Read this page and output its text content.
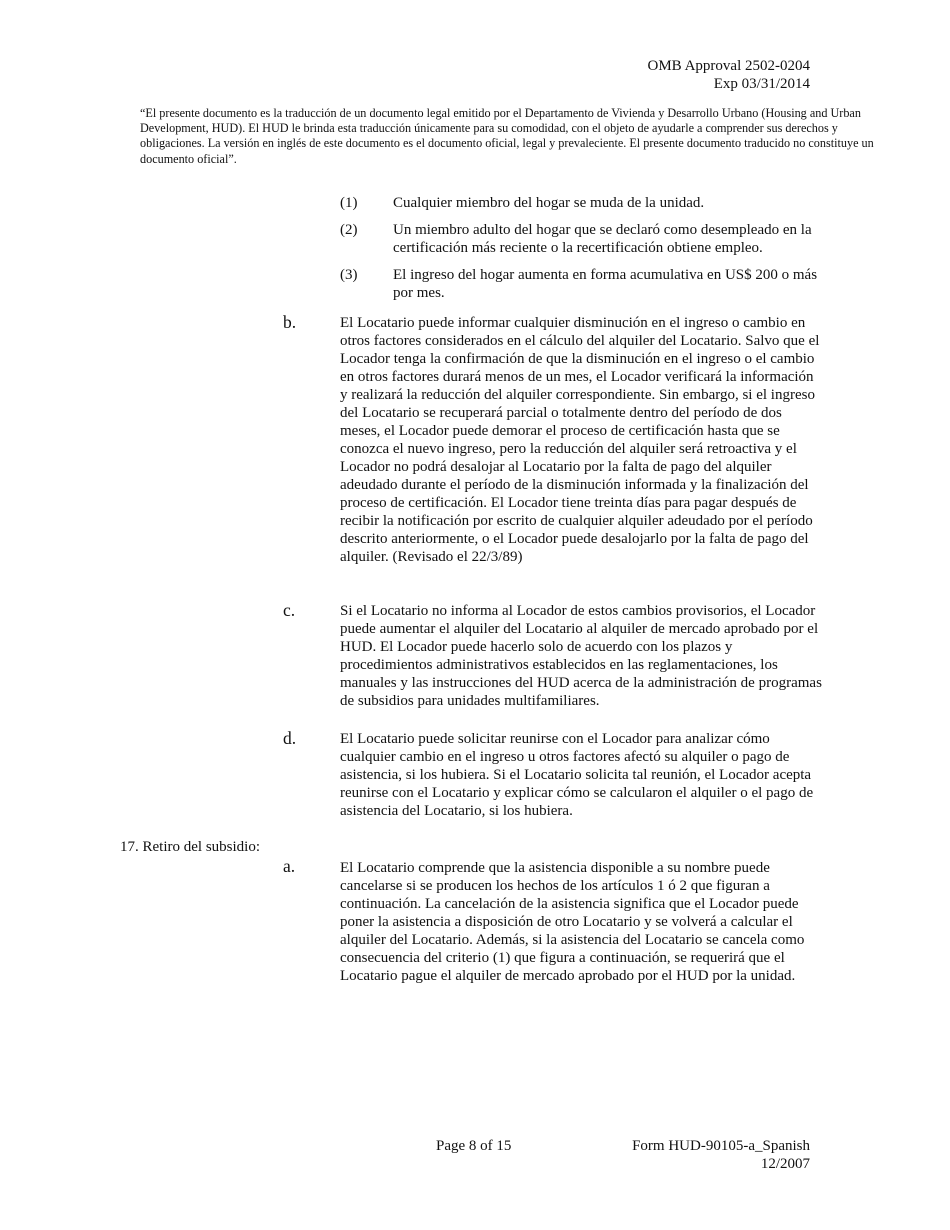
OMB Approval 2502-0204
Exp 03/31/2014
“El presente documento es la traducción de un documento legal emitido por el Departamento de Vivienda y Desarrollo Urbano (Housing and Urban Development, HUD). El HUD le brinda esta traducción únicamente para su comodidad, con el objeto de ayudarle a comprender sus derechos y obligaciones. La versión en inglés de este documento es el documento oficial, legal y prevaleciente. El presente documento traducido no constituye un documento oficial”.
(1) Cualquier miembro del hogar se muda de la unidad.
(2) Un miembro adulto del hogar que se declaró como desempleado en la certificación más reciente o la recertificación obtiene empleo.
(3) El ingreso del hogar aumenta en forma acumulativa en US$ 200 o más por mes.
b.	El Locatario puede informar cualquier disminución en el ingreso o cambio en otros factores considerados en el cálculo del alquiler del Locatario. Salvo que el Locador tenga la confirmación de que la disminución en el ingreso o el cambio en otros factores durará menos de un mes, el Locador verificará la información y realizará la reducción del alquiler correspondiente. Sin embargo, si el ingreso del Locatario se recuperará parcial o totalmente dentro del período de dos meses, el Locador puede demorar el proceso de certificación hasta que se conozca el nuevo ingreso, pero la reducción del alquiler será retroactiva y el Locador no podrá desalojar al Locatario por la falta de pago del alquiler adeudado durante el período de la disminución informada y la finalización del proceso de certificación. El Locador tiene treinta días para pagar después de recibir la notificación por escrito de cualquier alquiler adeudado por el período descrito anteriormente, o el Locador puede desalojarlo por la falta de pago del alquiler. (Revisado el 22/3/89)
c.	Si el Locatario no informa al Locador de estos cambios provisorios, el Locador puede aumentar el alquiler del Locatario al alquiler de mercado aprobado por el HUD. El Locador puede hacerlo solo de acuerdo con los plazos y procedimientos administrativos establecidos en las reglamentaciones, los manuales y las instrucciones del HUD acerca de la administración de programas de subsidios para unidades multifamiliares.
d.	El Locatario puede solicitar reunirse con el Locador para analizar cómo cualquier cambio en el ingreso u otros factores afectó su alquiler o pago de asistencia, si los hubiera. Si el Locatario solicita tal reunión, el Locador acepta reunirse con el Locatario y explicar cómo se calcularon el alquiler o el pago de asistencia del Locatario, si los hubiera.
17. Retiro del subsidio:
a.	El Locatario comprende que la asistencia disponible a su nombre puede cancelarse si se producen los hechos de los artículos 1 ó 2 que figuran a continuación. La cancelación de la asistencia significa que el Locador puede poner la asistencia a disposición de otro Locatario y se volverá a calcular el alquiler del Locatario. Además, si la asistencia del Locatario se cancela como consecuencia del criterio (1) que figura a continuación, se requerirá que el Locatario pague el alquiler de mercado aprobado por el HUD por la unidad.
Page 8 of 15	Form HUD-90105-a_Spanish
12/2007
